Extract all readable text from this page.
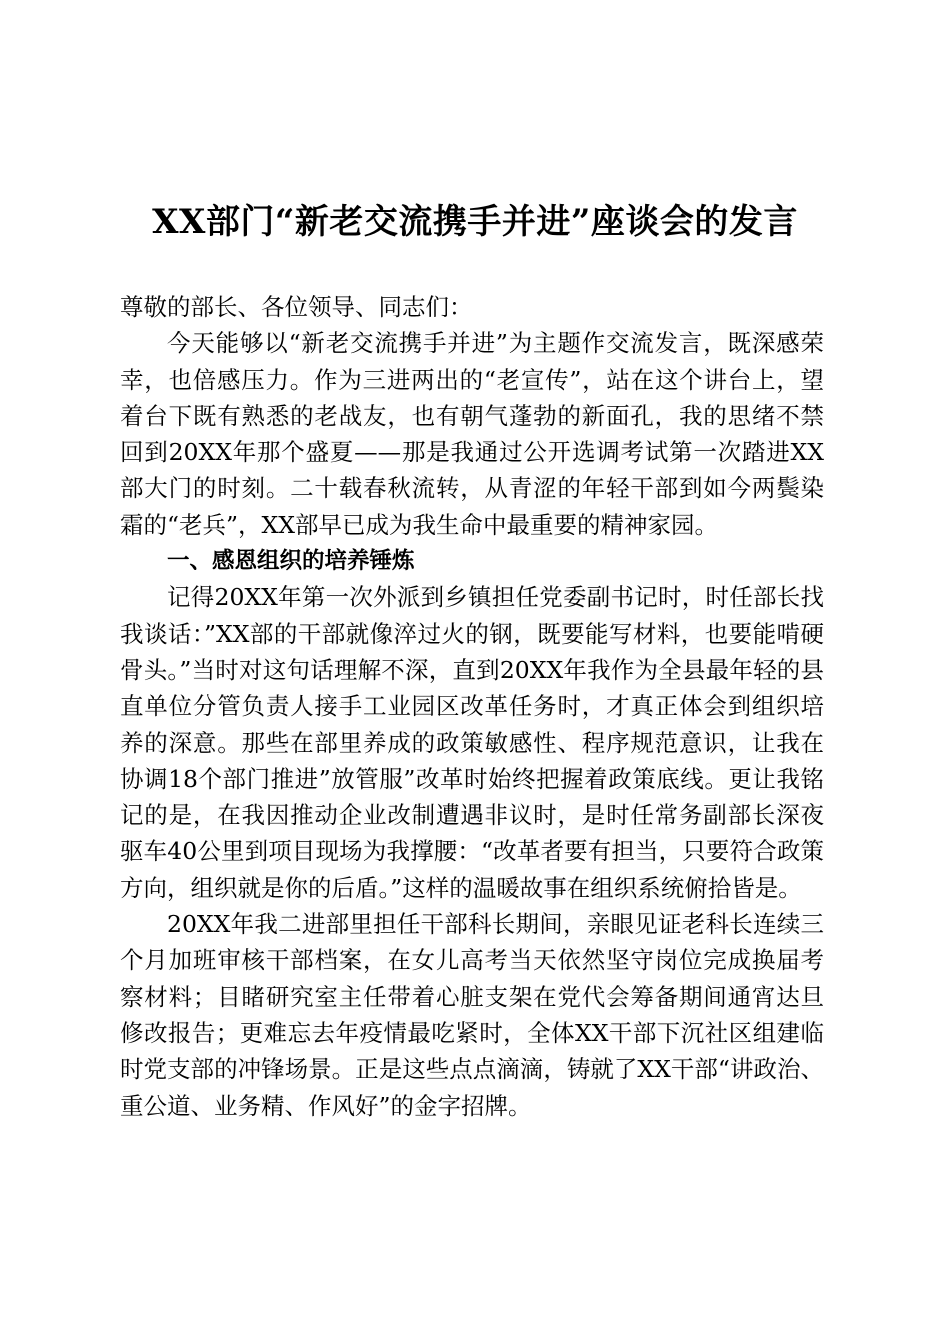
XX部门“新老交流携手并进”座谈会的发言

尊敬的部长、各位领导、同志们：

今天能够以“新老交流携手并进”为主题作交流发言，既深感荣幸，也倍感压力。作为三进两出的“老宣传”，站在这个讲台上，望着台下既有熟悉的老战友，也有朝气蓬勃的新面孔，我的思绪不禁回到20XX年那个盛夏——那是我通过公开选调考试第一次踏进XX部大门的时刻。二十载春秋流转，从青涩的年轻干部到如今两鬓染霜的“老兵”，XX部早已成为我生命中最重要的精神家园。

一、感恩组织的培养锤炼

记得20XX年第一次外派到乡镇担任党委副书记时，时任部长找我谈话：”XX部的干部就像淬过火的钢，既要能写材料，也要能啃硬骨头。”当时对这句话理解不深，直到20XX年我作为全县最年轻的县直单位分管负责人接手工业园区改革任务时，才真正体会到组织培养的深意。那些在部里养成的政策敏感性、程序规范意识，让我在协调18个部门推进”放管服”改革时始终把握着政策底线。更让我铭记的是，在我因推动企业改制遭遇非议时，是时任常务副部长深夜驱车40公里到项目现场为我撑腰：“改革者要有担当，只要符合政策方向，组织就是你的后盾。”这样的温暖故事在组织系统俯拾皆是。

20XX年我二进部里担任干部科长期间，亲眼见证老科长连续三个月加班审核干部档案，在女儿高考当天依然坚守岗位完成换届考察材料；目睹研究室主任带着心脏支架在党代会筹备期间通宵达旦修改报告；更难忘去年疫情最吃紧时，全体XX干部下沉社区组建临时党支部的冲锋场景。正是这些点点滴滴，铸就了XX干部“讲政治、重公道、业务精、作风好”的金字招牌。
